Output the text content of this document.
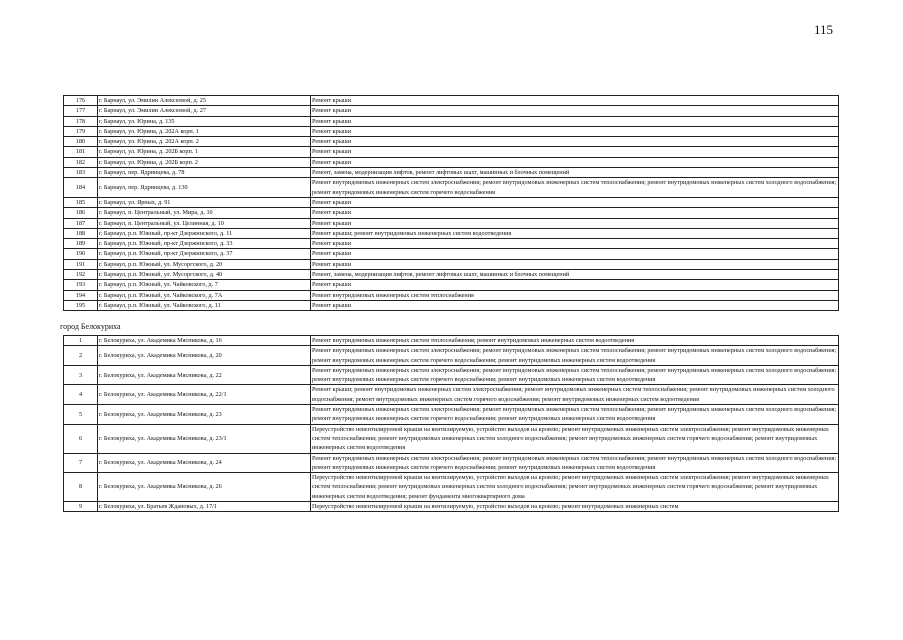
115
176	г. Барнаул, ул. Эмилии Алексеевой, д. 25	Ремонт крыши
177	г. Барнаул, ул. Эмилии Алексеевой, д. 27	Ремонт крыши
178	г. Барнаул, ул. Юрина, д. 135	Ремонт крыши
179	г. Барнаул, ул. Юрина, д. 202А корп. 1	Ремонт крыши
180	г. Барнаул, ул. Юрина, д. 202А корп. 2	Ремонт крыши
181	г. Барнаул, ул. Юрина, д. 202Б корп. 1	Ремонт крыши
182	г. Барнаул, ул. Юрина, д. 202Б корп. 2	Ремонт крыши
183	г. Барнаул, пер. Ядринцева, д. 78	Ремонт, замена, модернизация лифтов, ремонт лифтовых шахт, машинных и блочных помещений
184	г. Барнаул, пер. Ядринцева, д. 130	Ремонт внутридомовых инженерных систем электроснабжения; ремонт внутридомовых инженерных систем теплоснабжения; ремонт внутридомовых инженерных систем холодного водоснабжения; ремонт внутридомовых инженерных систем горячего водоснабжения
185	г. Барнаул, ул. Ярных, д. 91	Ремонт крыши
186	г. Барнаул, п. Центральный, ул. Мира, д. 10	Ремонт крыши
187	г. Барнаул, п. Центральный, ул. Целинная, д. 10	Ремонт крыши
188	г. Барнаул, р.п. Южный, пр-кт Дзержинского, д. 11	Ремонт крыши; ремонт внутридомовых инженерных систем водоотведения
189	г. Барнаул, р.п. Южный, пр-кт Дзержинского, д. 33	Ремонт крыши
190	г. Барнаул, р.п. Южный, пр-кт Дзержинского, д. 37	Ремонт крыши
191	г. Барнаул, р.п. Южный, ул. Мусоргского, д. 20	Ремонт крыши
192	г. Барнаул, р.п. Южный, ул. Мусоргского, д. 40	Ремонт, замена, модернизация лифтов, ремонт лифтовых шахт, машинных и блочных помещений
193	г. Барнаул, р.п. Южный, ул. Чайковского, д. 7	Ремонт крыши
194	г. Барнаул, р.п. Южный, ул. Чайковского, д. 7А	Ремонт внутридомовых инженерных систем теплоснабжения
195	г. Барнаул, р.п. Южный, ул. Чайковского, д. 11	Ремонт крыши
город Белокуриха
1	г. Белокуриха, ул. Академика Мясникова, д. 16	Ремонт внутридомовых инженерных систем теплоснабжения; ремонт внутридомовых инженерных систем водоотведения
2	г. Белокуриха, ул. Академика Мясникова, д. 20	Ремонт внутридомовых инженерных систем электроснабжения; ремонт внутридомовых инженерных систем теплоснабжения; ремонт внутридомовых инженерных систем холодного водоснабжения; ремонт внутридомовых инженерных систем горячего водоснабжения; ремонт внутридомовых инженерных систем водоотведения
3	г. Белокуриха, ул. Академика Мясникова, д. 22	Ремонт внутридомовых инженерных систем электроснабжения; ремонт внутридомовых инженерных систем теплоснабжения; ремонт внутридомовых инженерных систем холодного водоснабжения; ремонт внутридомовых инженерных систем горячего водоснабжения; ремонт внутридомовых инженерных систем водоотведения
4	г. Белокуриха, ул. Академика Мясникова, д. 22/1	Ремонт крыши; ремонт внутридомовых инженерных систем электроснабжения; ремонт внутридомовых инженерных систем теплоснабжения; ремонт внутридомовых инженерных систем холодного водоснабжения; ремонт внутридомовых инженерных систем горячего водоснабжения; ремонт внутридомовых инженерных систем водоотведения
5	г. Белокуриха, ул. Академика Мясникова, д. 23	Ремонт внутридомовых инженерных систем электроснабжения; ремонт внутридомовых инженерных систем теплоснабжения; ремонт внутридомовых инженерных систем холодного водоснабжения; ремонт внутридомовых инженерных систем горячего водоснабжения; ремонт внутридомовых инженерных систем водоотведения
6	г. Белокуриха, ул. Академика Мясникова, д. 23/1	Переустройство невентилируемой крыши на вентилируемую, устройство выходов на кровлю; ремонт внутридомовых инженерных систем электроснабжения; ремонт внутридомовых инженерных систем теплоснабжения; ремонт внутридомовых инженерных систем холодного водоснабжения; ремонт внутридомовых инженерных систем горячего водоснабжения; ремонт внутридомовых инженерных систем водоотведения
7	г. Белокуриха, ул. Академика Мясникова, д. 24	Ремонт внутридомовых инженерных систем электроснабжения; ремонт внутридомовых инженерных систем теплоснабжения; ремонт внутридомовых инженерных систем холодного водоснабжения; ремонт внутридомовых инженерных систем горячего водоснабжения; ремонт внутридомовых инженерных систем водоотведения
8	г. Белокуриха, ул. Академика Мясникова, д. 26	Переустройство невентилируемой крыши на вентилируемую, устройство выходов на кровлю; ремонт внутридомовых инженерных систем электроснабжения; ремонт внутридомовых инженерных систем теплоснабжения; ремонт внутридомовых инженерных систем холодного водоснабжения; ремонт внутридомовых инженерных систем горячего водоснабжения; ремонт внутридомовых инженерных систем водоотведения; ремонт фундамента многоквартирного дома
9	г. Белокуриха, ул. Братьев Ждановых, д. 17/1	Переустройство невентилируемой крыши на вентилируемую, устройство выходов на кровлю; ремонт внутридомовых инженерных систем
